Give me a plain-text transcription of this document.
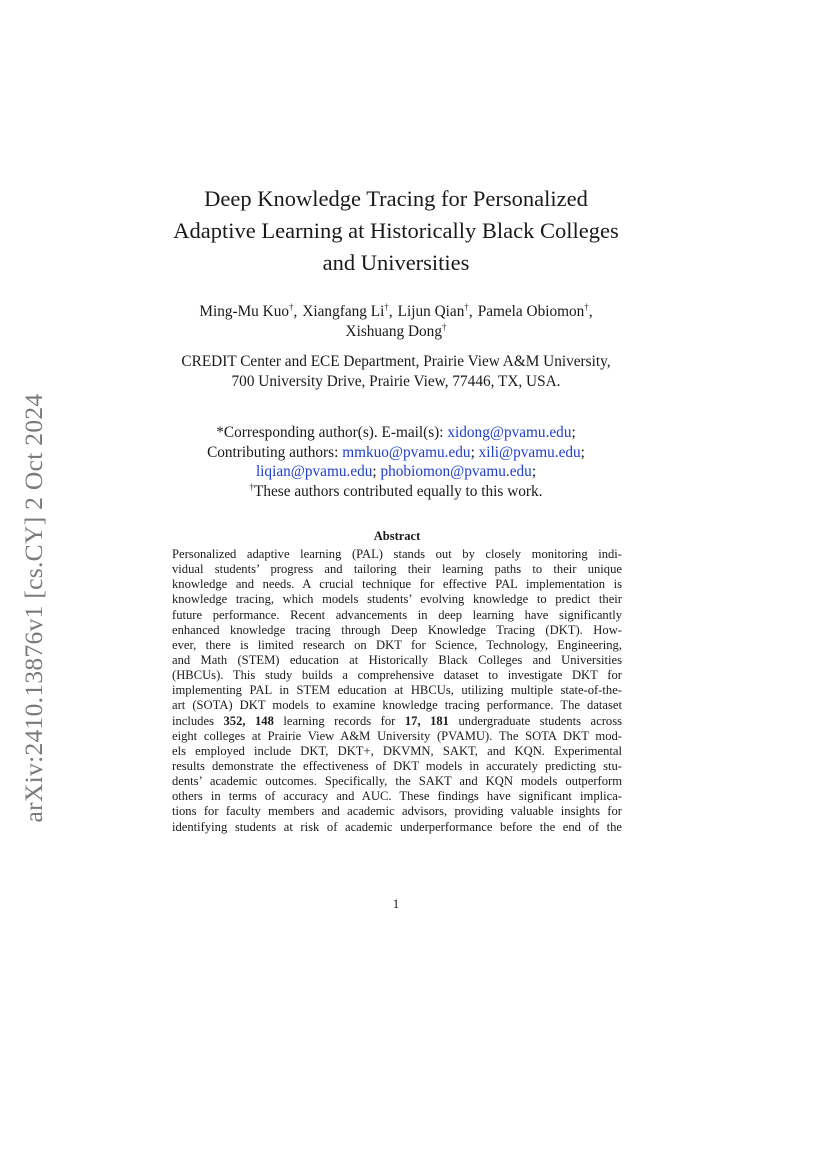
arXiv:2410.13876v1 [cs.CY] 2 Oct 2024
Deep Knowledge Tracing for Personalized
Adaptive Learning at Historically Black Colleges
and Universities
Ming-Mu Kuo†, Xiangfang Li†, Lijun Qian†, Pamela Obiomon†,
Xishuang Dong†
CREDIT Center and ECE Department, Prairie View A&M University,
700 University Drive, Prairie View, 77446, TX, USA.
*Corresponding author(s). E-mail(s): xidong@pvamu.edu;
Contributing authors: mmkuo@pvamu.edu; xili@pvamu.edu;
liqian@pvamu.edu; phobiomon@pvamu.edu;
†These authors contributed equally to this work.
Abstract
Personalized adaptive learning (PAL) stands out by closely monitoring indi-
vidual students’ progress and tailoring their learning paths to their unique
knowledge and needs. A crucial technique for effective PAL implementation is
knowledge tracing, which models students’ evolving knowledge to predict their
future performance. Recent advancements in deep learning have significantly
enhanced knowledge tracing through Deep Knowledge Tracing (DKT). How-
ever, there is limited research on DKT for Science, Technology, Engineering,
and Math (STEM) education at Historically Black Colleges and Universities
(HBCUs). This study builds a comprehensive dataset to investigate DKT for
implementing PAL in STEM education at HBCUs, utilizing multiple state-of-the-
art (SOTA) DKT models to examine knowledge tracing performance. The dataset
includes 352, 148 learning records for 17, 181 undergraduate students across
eight colleges at Prairie View A&M University (PVAMU). The SOTA DKT mod-
els employed include DKT, DKT+, DKVMN, SAKT, and KQN. Experimental
results demonstrate the effectiveness of DKT models in accurately predicting stu-
dents’ academic outcomes. Specifically, the SAKT and KQN models outperform
others in terms of accuracy and AUC. These findings have significant implica-
tions for faculty members and academic advisors, providing valuable insights for
identifying students at risk of academic underperformance before the end of the
1
